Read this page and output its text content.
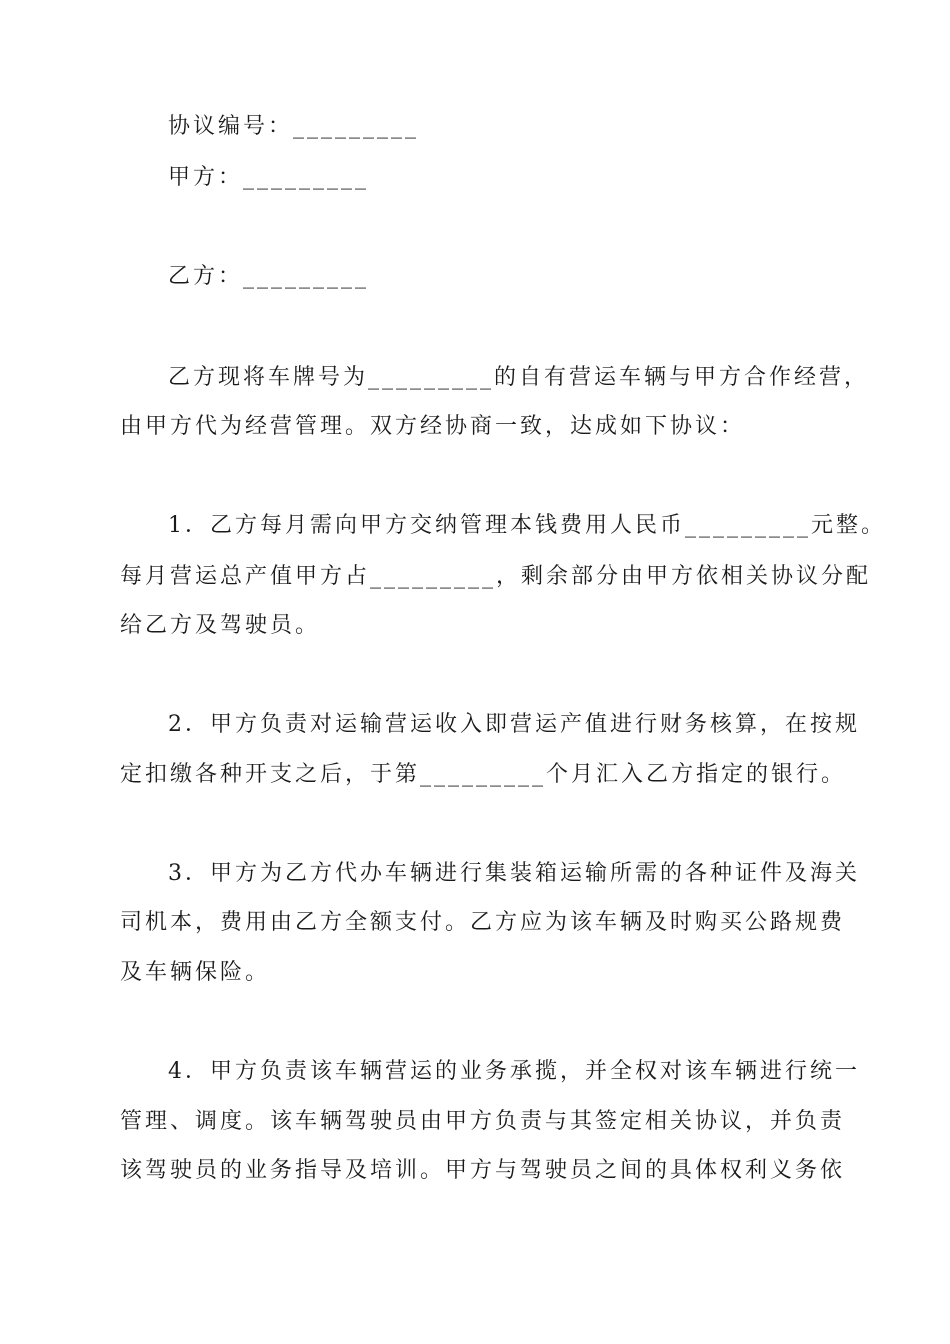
协议编号：_________
甲方：_________
乙方：_________
乙方现将车牌号为_________的自有营运车辆与甲方合作经营，
由甲方代为经营管理。双方经协商一致，达成如下协议：
1．乙方每月需向甲方交纳管理本钱费用人民币_________元整。
每月营运总产值甲方占_________，剩余部分由甲方依相关协议分配
给乙方及驾驶员。
2．甲方负责对运输营运收入即营运产值进行财务核算，在按规
定扣缴各种开支之后，于第_________个月汇入乙方指定的银行。
3．甲方为乙方代办车辆进行集装箱运输所需的各种证件及海关
司机本，费用由乙方全额支付。乙方应为该车辆及时购买公路规费
及车辆保险。
4．甲方负责该车辆营运的业务承揽，并全权对该车辆进行统一
管理、调度。该车辆驾驶员由甲方负责与其签定相关协议，并负责
该驾驶员的业务指导及培训。甲方与驾驶员之间的具体权利义务依
